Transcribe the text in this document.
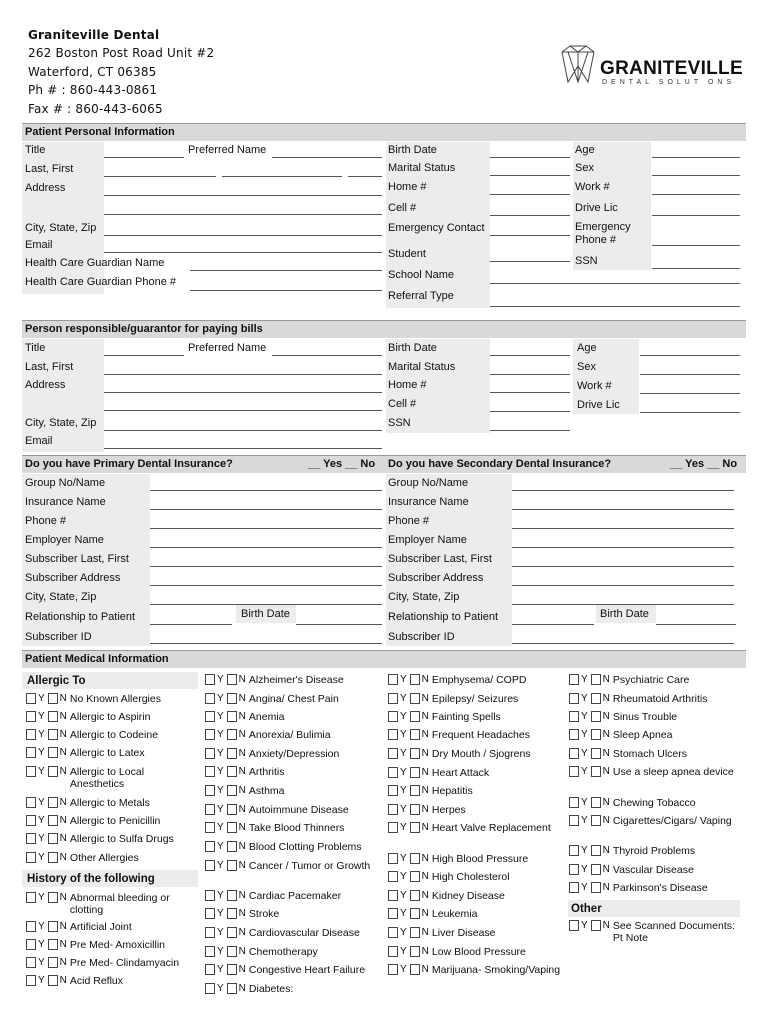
Graniteville Dental
262 Boston Post Road Unit #2
Waterford, CT 06385
Ph # : 860-443-0861
Fax # : 860-443-6065
GRANITEVILLE
DENTAL SOLUT ONS
Patient Personal Information
Title	Preferred Name
Last, First
Address
City, State, Zip
Email
Health Care Guardian Name
Health Care Guardian Phone #
Birth Date
Marital Status
Home #
Cell #
Emergency Contact
Student
School Name
Referral Type
Age
Sex
Work #
Drive Lic
Emergency
Phone #
SSN
Person responsible/guarantor for paying bills
Title	Preferred Name
Last, First
Address
City, State, Zip
Email
Birth Date
Marital Status
Home #
Cell #
SSN
Age
Sex
Work #
Drive Lic
Do you have Primary Dental Insurance?	__ Yes __ No Do you have Secondary Dental Insurance?	__ Yes __ No
Group No/Name
Insurance Name
Phone #
Employer Name
Subscriber Last, First
Subscriber Address
City, State, Zip
Relationship to Patient	Birth Date
Subscriber ID
Group No/Name
Insurance Name
Phone #
Employer Name
Subscriber Last, First
Subscriber Address
City, State, Zip
Relationship to Patient	Birth Date
Subscriber ID
Patient Medical Information
Allergic To
History of the following
Other
Y N No Known Allergies
Y N Allergic to Aspirin
Y N Allergic to Codeine
Y N Allergic to Latex
Y N Allergic to Local Anesthetics
Y N Allergic to Metals
Y N Allergic to Penicillin
Y N Allergic to Sulfa Drugs
Y N Other Allergies
Y N Abnormal bleeding or clotting
Y N Artificial Joint
Y N Pre Med- Amoxicillin
Y N Pre Med- Clindamyacin
Y N Acid Reflux
Y N Alzheimer's Disease
Y N Angina/ Chest Pain
Y N Anemia
Y N Anorexia/ Bulimia
Y N Anxiety/Depression
Y N Arthritis
Y N Asthma
Y N Autoimmune Disease
Y N Take Blood Thinners
Y N Blood Clotting Problems
Y N Cancer / Tumor or Growth
Y N Cardiac Pacemaker
Y N Stroke
Y N Cardiovascular Disease
Y N Chemotherapy
Y N Congestive Heart Failure
Y N Diabetes:
Y N Emphysema/ COPD
Y N Epilepsy/ Seizures
Y N Fainting Spells
Y N Frequent Headaches
Y N Dry Mouth / Sjogrens
Y N Heart Attack
Y N Hepatitis
Y N Herpes
Y N Heart Valve Replacement
Y N High Blood Pressure
Y N High Cholesterol
Y N Kidney Disease
Y N Leukemia
Y N Liver Disease
Y N Low Blood Pressure
Y N Marijuana- Smoking/Vaping
Y N Psychiatric Care
Y N Rheumatoid Arthritis
Y N Sinus Trouble
Y N Sleep Apnea
Y N Stomach Ulcers
Y N Use a sleep apnea device
Y N Chewing Tobacco
Y N Cigarettes/Cigars/ Vaping
Y N Thyroid Problems
Y N Vascular Disease
Y N Parkinson's Disease
Y N See Scanned Documents: Pt Note
